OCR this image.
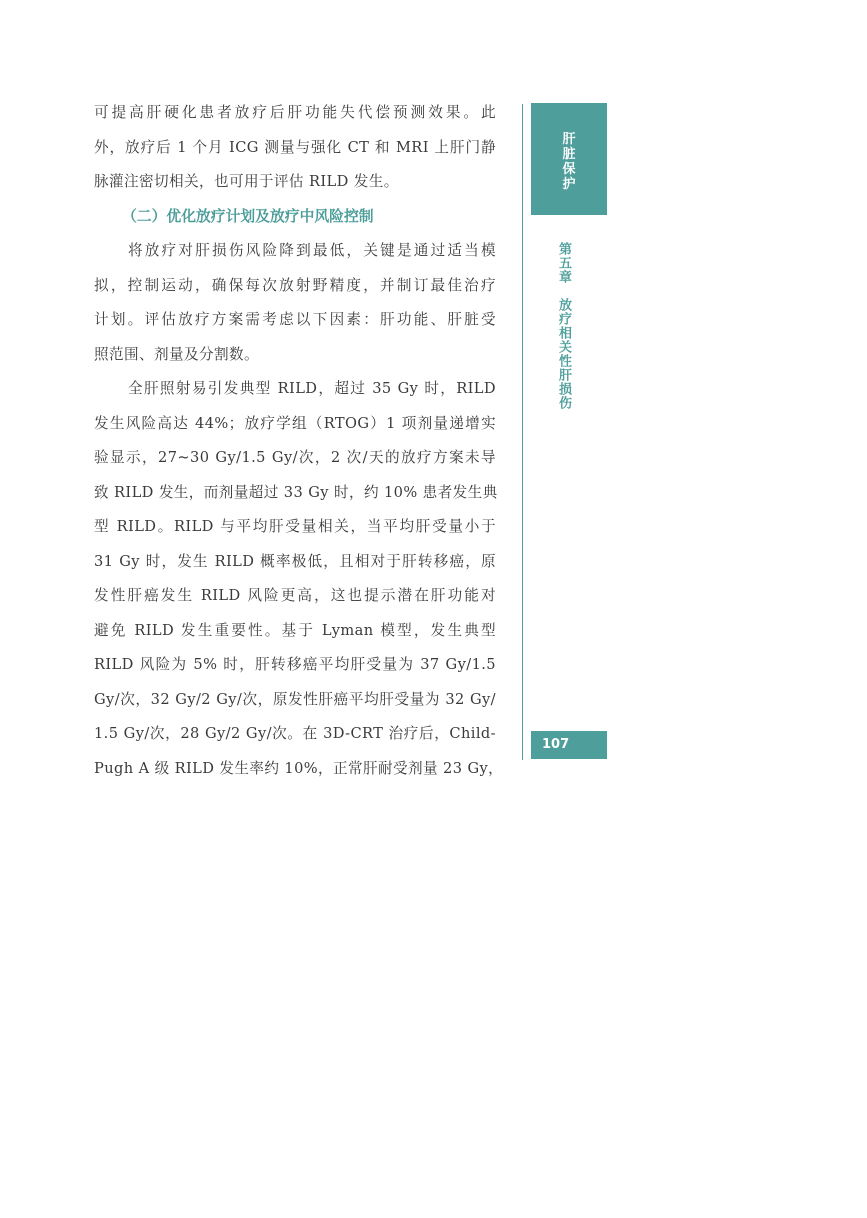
可提高肝硬化患者放疗后肝功能失代偿预测效果。此
外，放疗后 1 个月 ICG 测量与强化 CT 和 MRI 上肝门静
脉灌注密切相关，也可用于评估 RILD 发生。
（二）优化放疗计划及放疗中风险控制
将放疗对肝损伤风险降到最低，关键是通过适当模
拟，控制运动，确保每次放射野精度，并制订最佳治疗
计划。评估放疗方案需考虑以下因素：肝功能、肝脏受
照范围、剂量及分割数。
全肝照射易引发典型 RILD，超过 35 Gy 时，RILD
发生风险高达 44%；放疗学组（RTOG）1 项剂量递增实
验显示，27~30 Gy/1.5 Gy/次，2 次/天的放疗方案未导
致 RILD 发生，而剂量超过 33 Gy 时，约 10% 患者发生典
型 RILD。RILD 与平均肝受量相关，当平均肝受量小于
31 Gy 时，发生 RILD 概率极低，且相对于肝转移癌，原
发性肝癌发生 RILD 风险更高，这也提示潜在肝功能对
避免 RILD 发生重要性。基于 Lyman 模型，发生典型
RILD 风险为 5% 时，肝转移癌平均肝受量为 37 Gy/1.5
Gy/次，32 Gy/2 Gy/次，原发性肝癌平均肝受量为 32 Gy/
1.5 Gy/次，28 Gy/2 Gy/次。在 3D-CRT 治疗后，Child-
Pugh A 级 RILD 发生率约 10%，正常肝耐受剂量 23 Gy，
肝
脏
保
护
第五章　放疗相关性肝损伤
107
